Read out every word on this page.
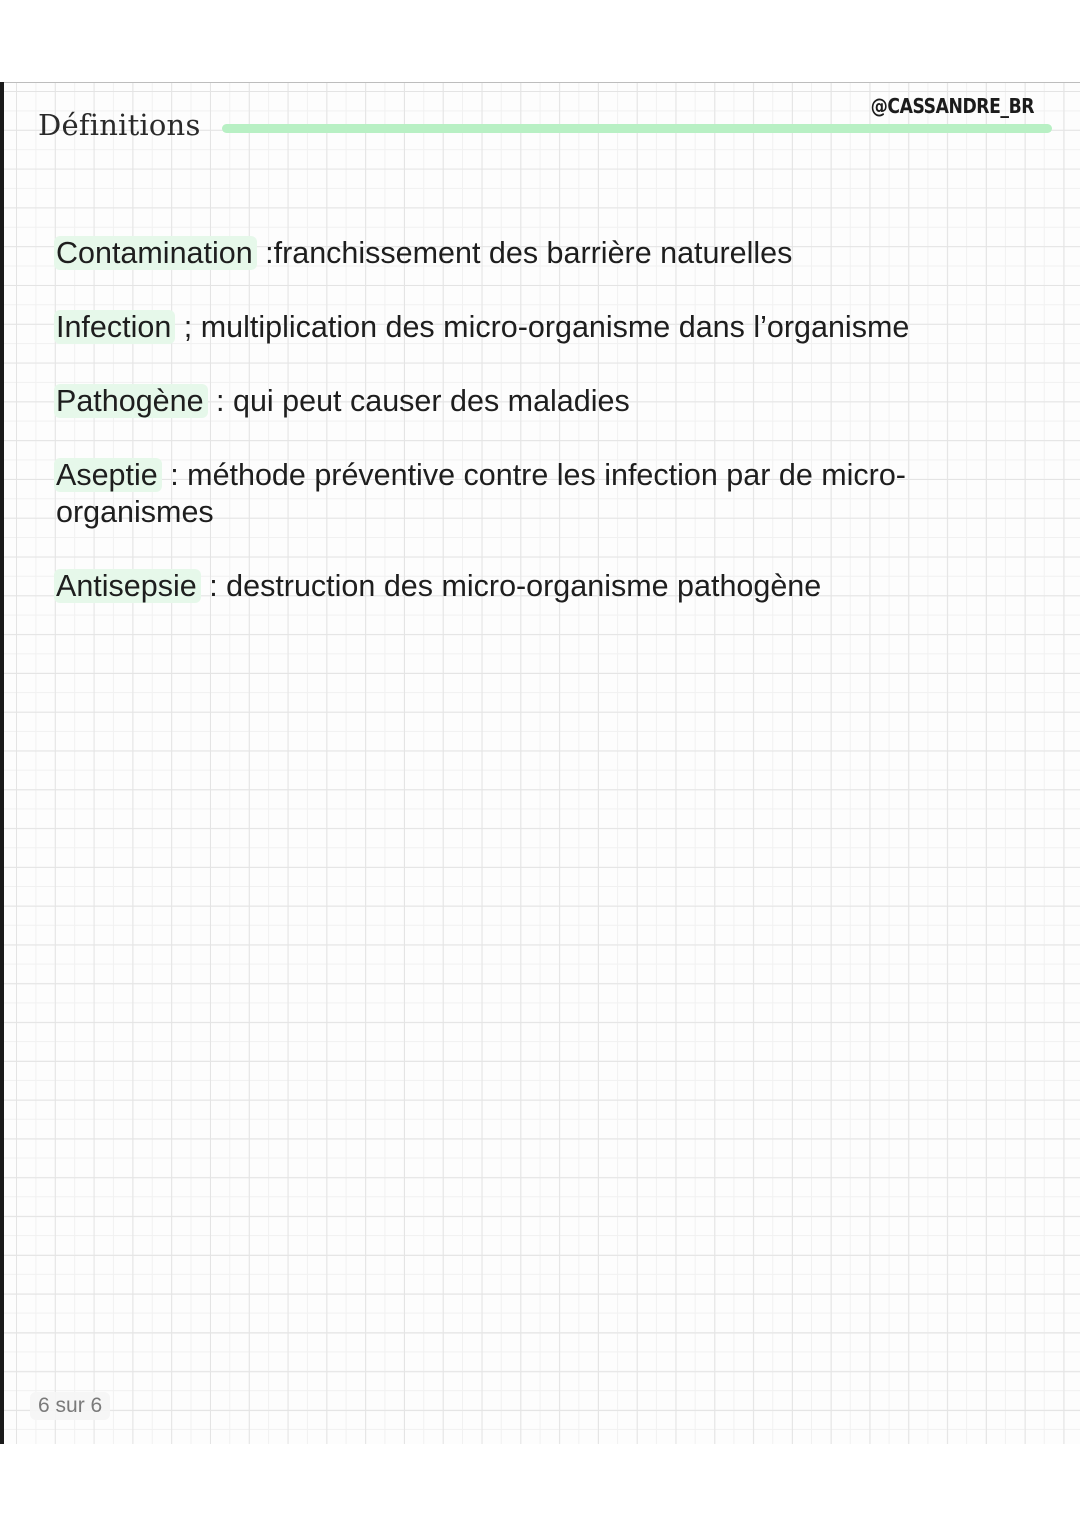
Définitions
@CASSANDRE_BR
Contamination :franchissement des barrière naturelles
Infection ; multiplication des micro-organisme dans l’organisme
Pathogène : qui peut causer des maladies
Aseptie : méthode préventive contre les infection par de micro-organismes
Antisepsie : destruction des micro-organisme pathogène
6 sur 6
